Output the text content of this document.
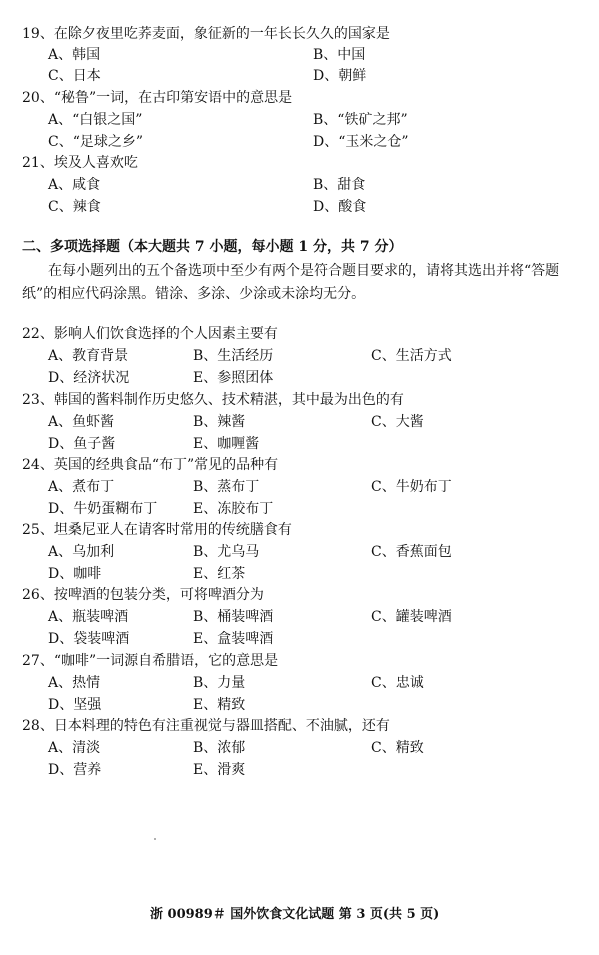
19、在除夕夜里吃荞麦面，象征新的一年长长久久的国家是
A、韩国	B、中国
C、日本	D、朝鲜
20、“秘鲁”一词，在古印第安语中的意思是
A、“白银之国”	B、“铁矿之邦”
C、“足球之乡”	D、“玉米之仓”
21、埃及人喜欢吃
A、咸食	B、甜食
C、辣食	D、酸食
二、多项选择题（本大题共 7 小题，每小题 1 分，共 7 分）
在每小题列出的五个备选项中至少有两个是符合题目要求的，请将其选出并将“答题
纸”的相应代码涂黑。错涂、多涂、少涂或未涂均无分。
22、影响人们饮食选择的个人因素主要有
A、教育背景	B、生活经历	C、生活方式
D、经济状况	E、参照团体
23、韩国的酱料制作历史悠久、技术精湛，其中最为出色的有
A、鱼虾酱	B、辣酱	C、大酱
D、鱼子酱	E、咖喱酱
24、英国的经典食品“布丁”常见的品种有
A、煮布丁	B、蒸布丁	C、牛奶布丁
D、牛奶蛋糊布丁	E、冻胶布丁
25、坦桑尼亚人在请客时常用的传统膳食有
A、乌加利	B、尤乌马	C、香蕉面包
D、咖啡	E、红茶
26、按啤酒的包装分类，可将啤酒分为
A、瓶装啤酒	B、桶装啤酒	C、罐装啤酒
D、袋装啤酒	E、盒装啤酒
27、“咖啡”一词源自希腊语，它的意思是
A、热情	B、力量	C、忠诚
D、坚强	E、精致
28、日本料理的特色有注重视觉与器皿搭配、不油腻，还有
A、清淡	B、浓郁	C、精致
D、营养	E、滑爽
浙 00989＃ 国外饮食文化试题 第 3 页(共 5 页)
